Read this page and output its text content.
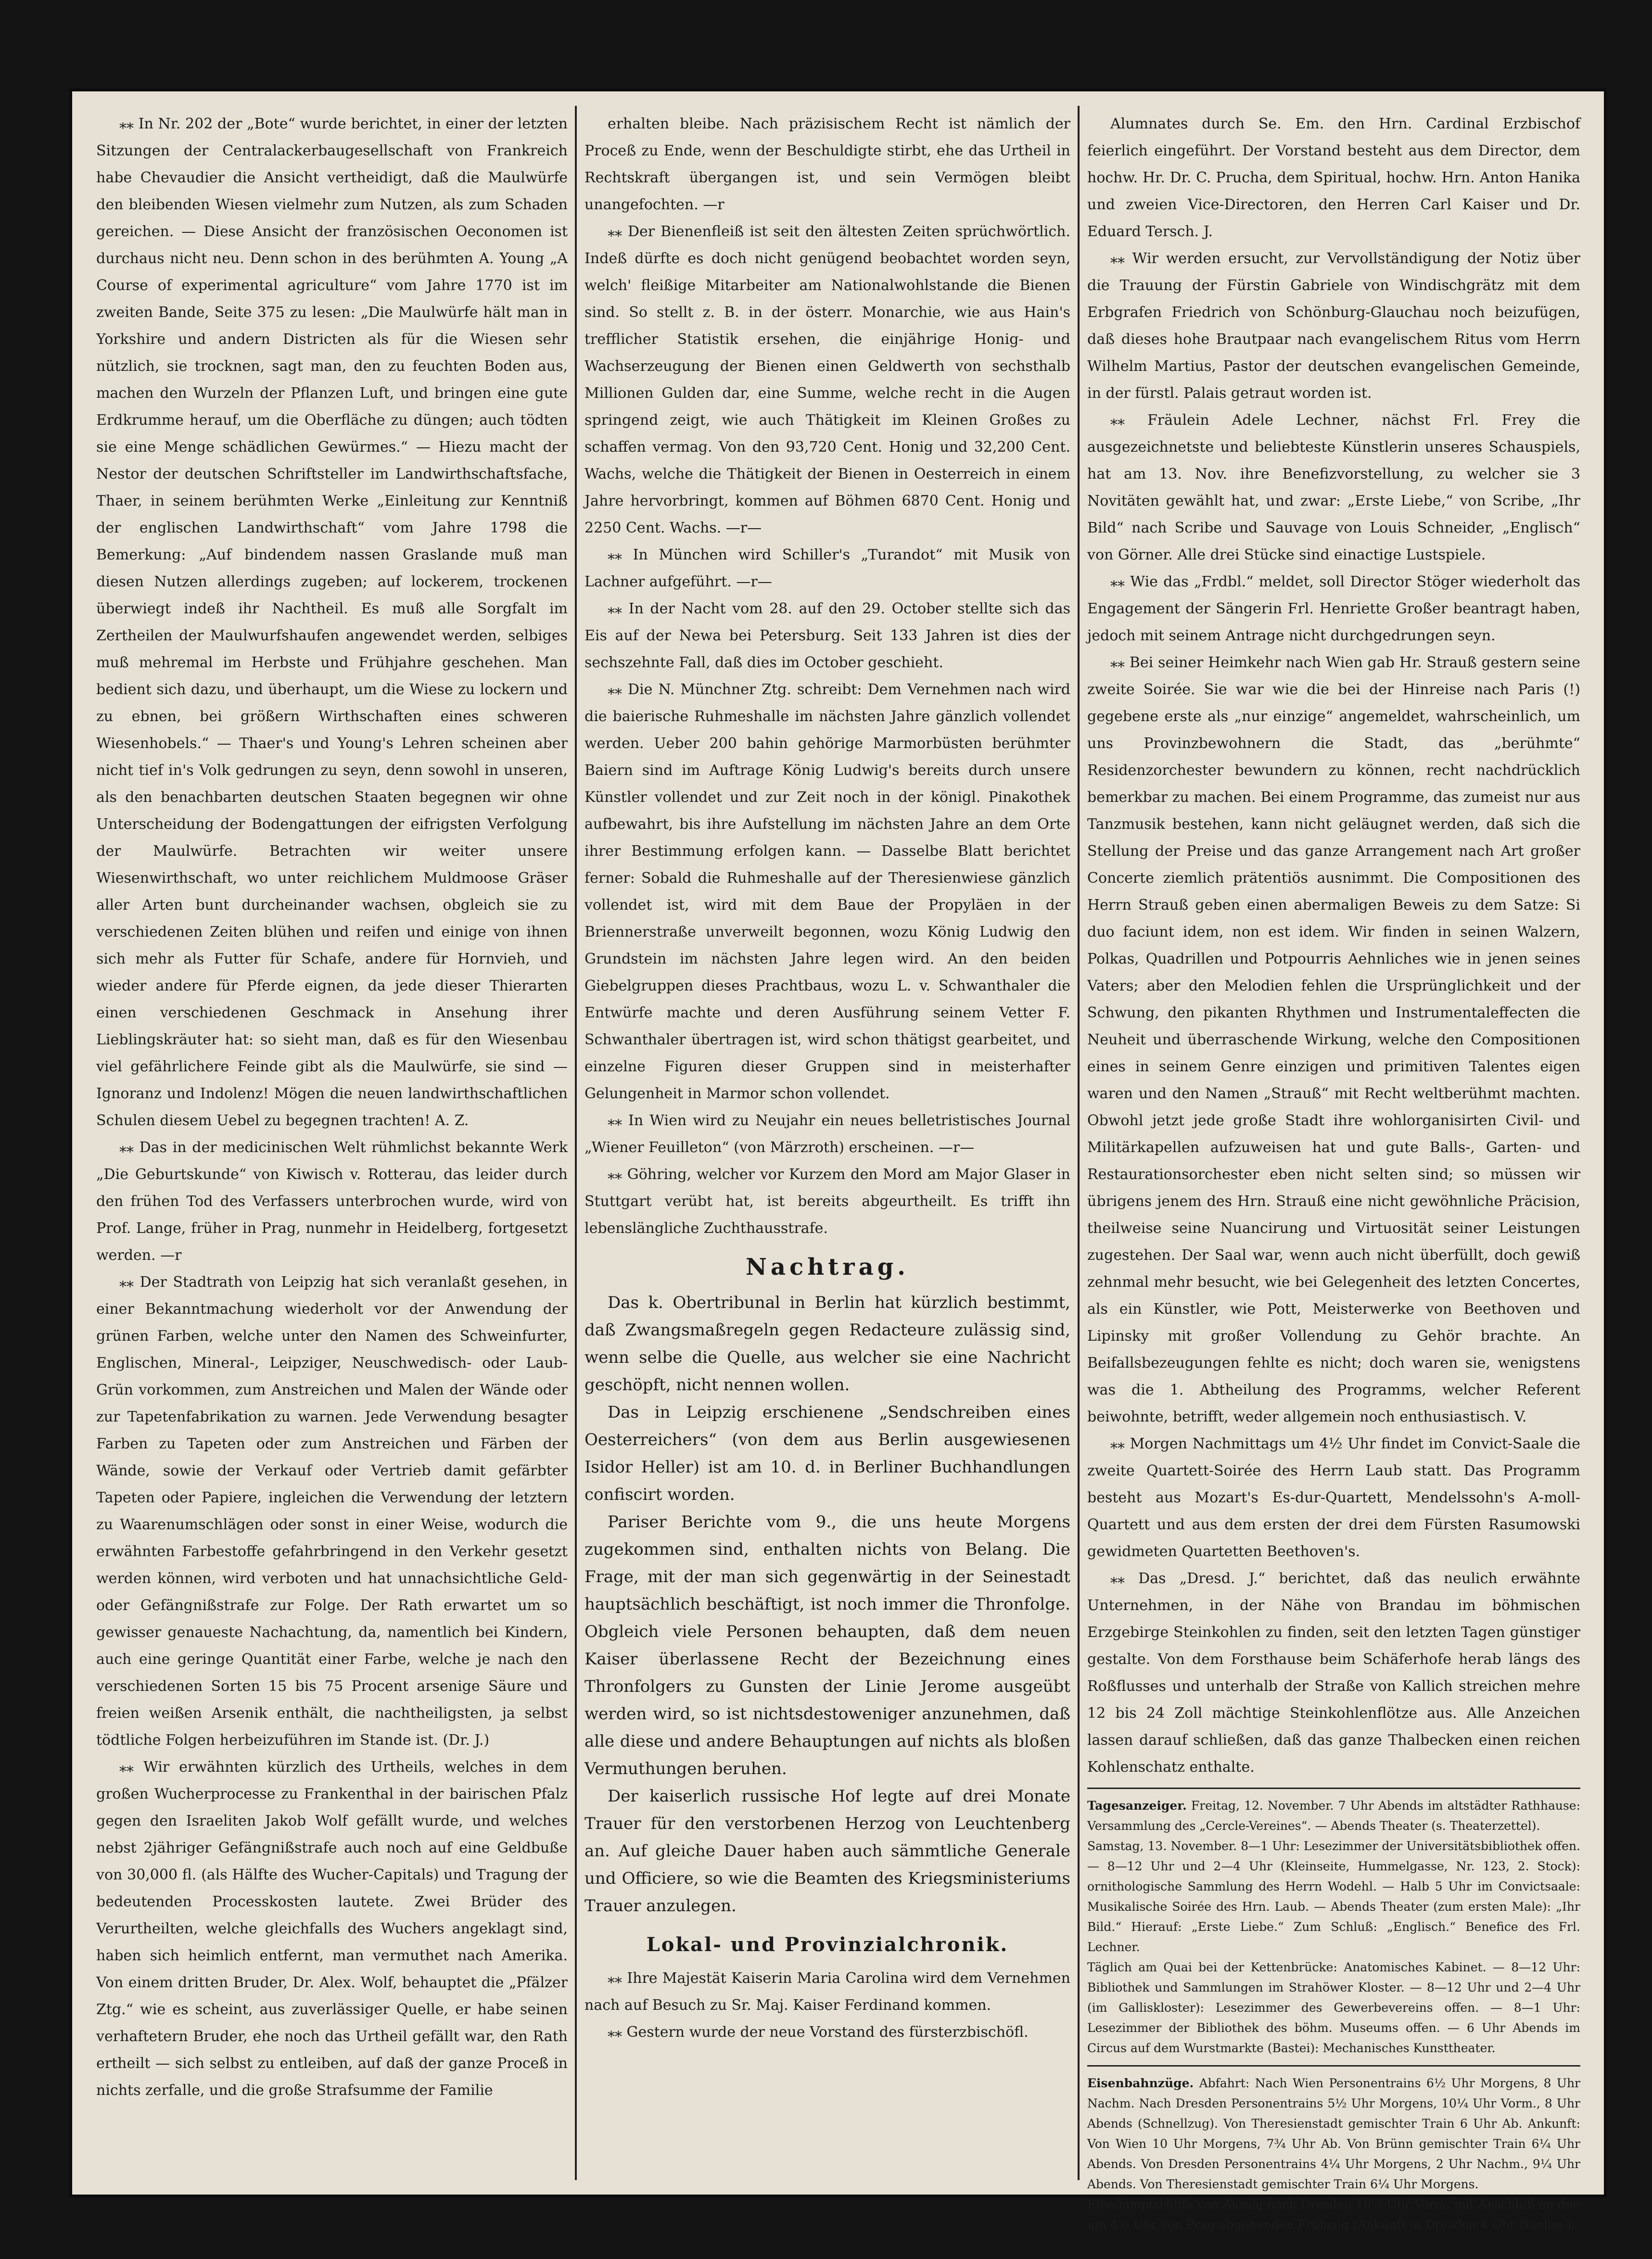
⁎⁎ In Nr. 202 der „Bote“ wurde berichtet, in einer der letzten Sitzungen der Centralackerbaugesellschaft von Frankreich habe Chevaudier die Ansicht vertheidigt, daß die Maulwürfe den bleibenden Wiesen vielmehr zum Nutzen, als zum Schaden gereichen. — Diese Ansicht der französischen Oeconomen ist durchaus nicht neu. Denn schon in des berühmten A. Young „A Course of experimental agriculture“ vom Jahre 1770 ist im zweiten Bande, Seite 375 zu lesen: „Die Maulwürfe hält man in Yorkshire und andern Districten als für die Wiesen sehr nützlich, sie trocknen, sagt man, den zu feuchten Boden aus, machen den Wurzeln der Pflanzen Luft, und bringen eine gute Erdkrumme herauf, um die Oberfläche zu düngen; auch tödten sie eine Menge schädlichen Gewürmes.“ — Hiezu macht der Nestor der deutschen Schriftsteller im Landwirthschaftsfache, Thaer, in seinem berühmten Werke „Einleitung zur Kenntniß der englischen Landwirthschaft“ vom Jahre 1798 die Bemerkung: „Auf bindendem nassen Graslande muß man diesen Nutzen allerdings zugeben; auf lockerem, trockenen überwiegt indeß ihr Nachtheil. Es muß alle Sorgfalt im Zertheilen der Maulwurfshaufen angewendet werden, selbiges muß mehremal im Herbste und Frühjahre geschehen. Man bedient sich dazu, und überhaupt, um die Wiese zu lockern und zu ebnen, bei größern Wirthschaften eines schweren Wiesenhobels.“ — Thaer's und Young's Lehren scheinen aber nicht tief in's Volk gedrungen zu seyn, denn sowohl in unseren, als den benachbarten deutschen Staaten begegnen wir ohne Unterscheidung der Bodengattungen der eifrigsten Verfolgung der Maulwürfe. Betrachten wir weiter unsere Wiesenwirthschaft, wo unter reichlichem Muldmoose Gräser aller Arten bunt durcheinander wachsen, obgleich sie zu verschiedenen Zeiten blühen und reifen und einige von ihnen sich mehr als Futter für Schafe, andere für Hornvieh, und wieder andere für Pferde eignen, da jede dieser Thierarten einen verschiedenen Geschmack in Ansehung ihrer Lieblingskräuter hat: so sieht man, daß es für den Wiesenbau viel gefährlichere Feinde gibt als die Maulwürfe, sie sind — Ignoranz und Indolenz! Mögen die neuen landwirthschaftlichen Schulen diesem Uebel zu begegnen trachten! A. Z.

⁎⁎ Das in der medicinischen Welt rühmlichst bekannte Werk „Die Geburtskunde“ von Kiwisch v. Rotterau, das leider durch den frühen Tod des Verfassers unterbrochen wurde, wird von Prof. Lange, früher in Prag, nunmehr in Heidelberg, fortgesetzt werden. —r

⁎⁎ Der Stadtrath von Leipzig hat sich veranlaßt gesehen, in einer Bekanntmachung wiederholt vor der Anwendung der grünen Farben, welche unter den Namen des Schweinfurter, Englischen, Mineral-, Leipziger, Neuschwedisch- oder Laub-Grün vorkommen, zum Anstreichen und Malen der Wände oder zur Tapetenfabrikation zu warnen. Jede Verwendung besagter Farben zu Tapeten oder zum Anstreichen und Färben der Wände, sowie der Verkauf oder Vertrieb damit gefärbter Tapeten oder Papiere, ingleichen die Verwendung der letztern zu Waarenumschlägen oder sonst in einer Weise, wodurch die erwähnten Farbestoffe gefahrbringend in den Verkehr gesetzt werden können, wird verboten und hat unnachsichtliche Geld- oder Gefängnißstrafe zur Folge. Der Rath erwartet um so gewisser genaueste Nachachtung, da, namentlich bei Kindern, auch eine geringe Quantität einer Farbe, welche je nach den verschiedenen Sorten 15 bis 75 Procent arsenige Säure und freien weißen Arsenik enthält, die nachtheiligsten, ja selbst tödtliche Folgen herbeizuführen im Stande ist. (Dr. J.)

⁎⁎ Wir erwähnten kürzlich des Urtheils, welches in dem großen Wucherprocesse zu Frankenthal in der bairischen Pfalz gegen den Israeliten Jakob Wolf gefällt wurde, und welches nebst 2jähriger Gefängnißstrafe auch noch auf eine Geldbuße von 30,000 fl. (als Hälfte des Wucher-Capitals) und Tragung der bedeutenden Processkosten lautete. Zwei Brüder des Verurtheilten, welche gleichfalls des Wuchers angeklagt sind, haben sich heimlich entfernt, man vermuthet nach Amerika. Von einem dritten Bruder, Dr. Alex. Wolf, behauptet die „Pfälzer Ztg.“ wie es scheint, aus zuverlässiger Quelle, er habe seinen verhaftetern Bruder, ehe noch das Urtheil gefällt war, den Rath ertheilt — sich selbst zu entleiben, auf daß der ganze Proceß in nichts zerfalle, und die große Strafsumme der Familie

erhalten bleibe. Nach präzisischem Recht ist nämlich der Proceß zu Ende, wenn der Beschuldigte stirbt, ehe das Urtheil in Rechtskraft übergangen ist, und sein Vermögen bleibt unangefochten. —r

⁎⁎ Der Bienenfleiß ist seit den ältesten Zeiten sprüchwörtlich. Indeß dürfte es doch nicht genügend beobachtet worden seyn, welch' fleißige Mitarbeiter am Nationalwohlstande die Bienen sind. So stellt z. B. in der österr. Monarchie, wie aus Hain's trefflicher Statistik ersehen, die einjährige Honig- und Wachserzeugung der Bienen einen Geldwerth von sechsthalb Millionen Gulden dar, eine Summe, welche recht in die Augen springend zeigt, wie auch Thätigkeit im Kleinen Großes zu schaffen vermag. Von den 93,720 Cent. Honig und 32,200 Cent. Wachs, welche die Thätigkeit der Bienen in Oesterreich in einem Jahre hervorbringt, kommen auf Böhmen 6870 Cent. Honig und 2250 Cent. Wachs. —r—

⁎⁎ In München wird Schiller's „Turandot“ mit Musik von Lachner aufgeführt. —r—

⁎⁎ In der Nacht vom 28. auf den 29. October stellte sich das Eis auf der Newa bei Petersburg. Seit 133 Jahren ist dies der sechszehnte Fall, daß dies im October geschieht.

⁎⁎ Die N. Münchner Ztg. schreibt: Dem Vernehmen nach wird die baierische Ruhmeshalle im nächsten Jahre gänzlich vollendet werden. Ueber 200 bahin gehörige Marmorbüsten berühmter Baiern sind im Auftrage König Ludwig's bereits durch unsere Künstler vollendet und zur Zeit noch in der königl. Pinakothek aufbewahrt, bis ihre Aufstellung im nächsten Jahre an dem Orte ihrer Bestimmung erfolgen kann. — Dasselbe Blatt berichtet ferner: Sobald die Ruhmeshalle auf der Theresienwiese gänzlich vollendet ist, wird mit dem Baue der Propyläen in der Briennerstraße unverweilt begonnen, wozu König Ludwig den Grundstein im nächsten Jahre legen wird. An den beiden Giebelgruppen dieses Prachtbaus, wozu L. v. Schwanthaler die Entwürfe machte und deren Ausführung seinem Vetter F. Schwanthaler übertragen ist, wird schon thätigst gearbeitet, und einzelne Figuren dieser Gruppen sind in meisterhafter Gelungenheit in Marmor schon vollendet.

⁎⁎ In Wien wird zu Neujahr ein neues belletristisches Journal „Wiener Feuilleton“ (von Märzroth) erscheinen. —r—

⁎⁎ Göhring, welcher vor Kurzem den Mord am Major Glaser in Stuttgart verübt hat, ist bereits abgeurtheilt. Es trifft ihn lebenslängliche Zuchthausstrafe.

Nachtrag.

Das k. Obertribunal in Berlin hat kürzlich bestimmt, daß Zwangsmaßregeln gegen Redacteure zulässig sind, wenn selbe die Quelle, aus welcher sie eine Nachricht geschöpft, nicht nennen wollen.

Das in Leipzig erschienene „Sendschreiben eines Oesterreichers“ (von dem aus Berlin ausgewiesenen Isidor Heller) ist am 10. d. in Berliner Buchhandlungen confiscirt worden.

Pariser Berichte vom 9., die uns heute Morgens zugekommen sind, enthalten nichts von Belang. Die Frage, mit der man sich gegenwärtig in der Seinestadt hauptsächlich beschäftigt, ist noch immer die Thronfolge. Obgleich viele Personen behaupten, daß dem neuen Kaiser überlassene Recht der Bezeichnung eines Thronfolgers zu Gunsten der Linie Jerome ausgeübt werden wird, so ist nichtsdestoweniger anzunehmen, daß alle diese und andere Behauptungen auf nichts als bloßen Vermuthungen beruhen.

Der kaiserlich russische Hof legte auf drei Monate Trauer für den verstorbenen Herzog von Leuchtenberg an. Auf gleiche Dauer haben auch sämmtliche Generale und Officiere, so wie die Beamten des Kriegsministeriums Trauer anzulegen.

Lokal- und Provinzialchronik.

⁎⁎ Ihre Majestät Kaiserin Maria Carolina wird dem Vernehmen nach auf Besuch zu Sr. Maj. Kaiser Ferdinand kommen.

⁎⁎ Gestern wurde der neue Vorstand des fürsterzbischöfl.

Alumnates durch Se. Em. den Hrn. Cardinal Erzbischof feierlich eingeführt. Der Vorstand besteht aus dem Director, dem hochw. Hr. Dr. C. Prucha, dem Spiritual, hochw. Hrn. Anton Hanika und zweien Vice-Directoren, den Herren Carl Kaiser und Dr. Eduard Tersch. J.

⁎⁎ Wir werden ersucht, zur Vervollständigung der Notiz über die Trauung der Fürstin Gabriele von Windischgrätz mit dem Erbgrafen Friedrich von Schönburg-Glauchau noch beizufügen, daß dieses hohe Brautpaar nach evangelischem Ritus vom Herrn Wilhelm Martius, Pastor der deutschen evangelischen Gemeinde, in der fürstl. Palais getraut worden ist.

⁎⁎ Fräulein Adele Lechner, nächst Frl. Frey die ausgezeichnetste und beliebteste Künstlerin unseres Schauspiels, hat am 13. Nov. ihre Benefizvorstellung, zu welcher sie 3 Novitäten gewählt hat, und zwar: „Erste Liebe,“ von Scribe, „Ihr Bild“ nach Scribe und Sauvage von Louis Schneider, „Englisch“ von Görner. Alle drei Stücke sind einactige Lustspiele.

⁎⁎ Wie das „Frdbl.“ meldet, soll Director Stöger wiederholt das Engagement der Sängerin Frl. Henriette Großer beantragt haben, jedoch mit seinem Antrage nicht durchgedrungen seyn.

⁎⁎ Bei seiner Heimkehr nach Wien gab Hr. Strauß gestern seine zweite Soirée. Sie war wie die bei der Hinreise nach Paris (!) gegebene erste als „nur einzige“ angemeldet, wahrscheinlich, um uns Provinzbewohnern die Stadt, das „berühmte“ Residenzorchester bewundern zu können, recht nachdrücklich bemerkbar zu machen. Bei einem Programme, das zumeist nur aus Tanzmusik bestehen, kann nicht geläugnet werden, daß sich die Stellung der Preise und das ganze Arrangement nach Art großer Concerte ziemlich prätentiös ausnimmt. Die Compositionen des Herrn Strauß geben einen abermaligen Beweis zu dem Satze: Si duo faciunt idem, non est idem. Wir finden in seinen Walzern, Polkas, Quadrillen und Potpourris Aehnliches wie in jenen seines Vaters; aber den Melodien fehlen die Ursprünglichkeit und der Schwung, den pikanten Rhythmen und Instrumentaleffecten die Neuheit und überraschende Wirkung, welche den Compositionen eines in seinem Genre einzigen und primitiven Talentes eigen waren und den Namen „Strauß“ mit Recht weltberühmt machten. Obwohl jetzt jede große Stadt ihre wohlorganisirten Civil- und Militärkapellen aufzuweisen hat und gute Balls-, Garten- und Restaurationsorchester eben nicht selten sind; so müssen wir übrigens jenem des Hrn. Strauß eine nicht gewöhnliche Präcision, theilweise seine Nuancirung und Virtuosität seiner Leistungen zugestehen. Der Saal war, wenn auch nicht überfüllt, doch gewiß zehnmal mehr besucht, wie bei Gelegenheit des letzten Concertes, als ein Künstler, wie Pott, Meisterwerke von Beethoven und Lipinsky mit großer Vollendung zu Gehör brachte. An Beifallsbezeugungen fehlte es nicht; doch waren sie, wenigstens was die 1. Abtheilung des Programms, welcher Referent beiwohnte, betrifft, weder allgemein noch enthusiastisch. V.

⁎⁎ Morgen Nachmittags um 4½ Uhr findet im Convict-Saale die zweite Quartett-Soirée des Herrn Laub statt. Das Programm besteht aus Mozart's Es-dur-Quartett, Mendelssohn's A-moll-Quartett und aus dem ersten der drei dem Fürsten Rasumowski gewidmeten Quartetten Beethoven's.

⁎⁎ Das „Dresd. J.“ berichtet, daß das neulich erwähnte Unternehmen, in der Nähe von Brandau im böhmischen Erzgebirge Steinkohlen zu finden, seit den letzten Tagen günstiger gestalte. Von dem Forsthause beim Schäferhofe herab längs des Roßflusses und unterhalb der Straße von Kallich streichen mehre 12 bis 24 Zoll mächtige Steinkohlenflötze aus. Alle Anzeichen lassen darauf schließen, daß das ganze Thalbecken einen reichen Kohlenschatz enthalte.

Tagesanzeiger. Freitag, 12. November. 7 Uhr Abends im altstädter Rathhause: Versammlung des „Cercle-Vereines“. — Abends Theater (s. Theaterzettel).

Samstag, 13. November. 8—1 Uhr: Lesezimmer der Universitätsbibliothek offen. — 8—12 Uhr und 2—4 Uhr (Kleinseite, Hummelgasse, Nr. 123, 2. Stock): ornithologische Sammlung des Herrn Wodehl. — Halb 5 Uhr im Convictsaale: Musikalische Soirée des Hrn. Laub. — Abends Theater (zum ersten Male): „Ihr Bild.“ Hierauf: „Erste Liebe.“ Zum Schluß: „Englisch.“ Benefice des Frl. Lechner.

Täglich am Quai bei der Kettenbrücke: Anatomisches Kabinet. — 8—12 Uhr: Bibliothek und Sammlungen im Strahöwer Kloster. — 8—12 Uhr und 2—4 Uhr (im Galliskloster): Lesezimmer des Gewerbevereins offen. — 8—1 Uhr: Lesezimmer der Bibliothek des böhm. Museums offen. — 6 Uhr Abends im Circus auf dem Wurstmarkte (Bastei): Mechanisches Kunsttheater.

Eisenbahnzüge. Abfahrt: Nach Wien Personentrains 6½ Uhr Morgens, 8 Uhr Nachm. Nach Dresden Personentrains 5½ Uhr Morgens, 10¼ Uhr Vorm., 8 Uhr Abends (Schnellzug). Von Theresienstadt gemischter Train 6 Uhr Ab. Ankunft: Von Wien 10 Uhr Morgens, 7¾ Uhr Ab. Von Brünn gemischter Train 6¼ Uhr Abends. Von Dresden Personentrains 4¼ Uhr Morgens, 2 Uhr Nachm., 9¼ Uhr Abends. Von Theresienstadt gemischter Train 6¼ Uhr Morgens.

Elbedampfschiffe von Aussig nach Dresden 10¼ Uhr Vorm. mit Anschluß an den um 4½ Uhr von Prag abgehenden Frühzug (Ankunft in Dresden 4 Uhr Nachm.).
